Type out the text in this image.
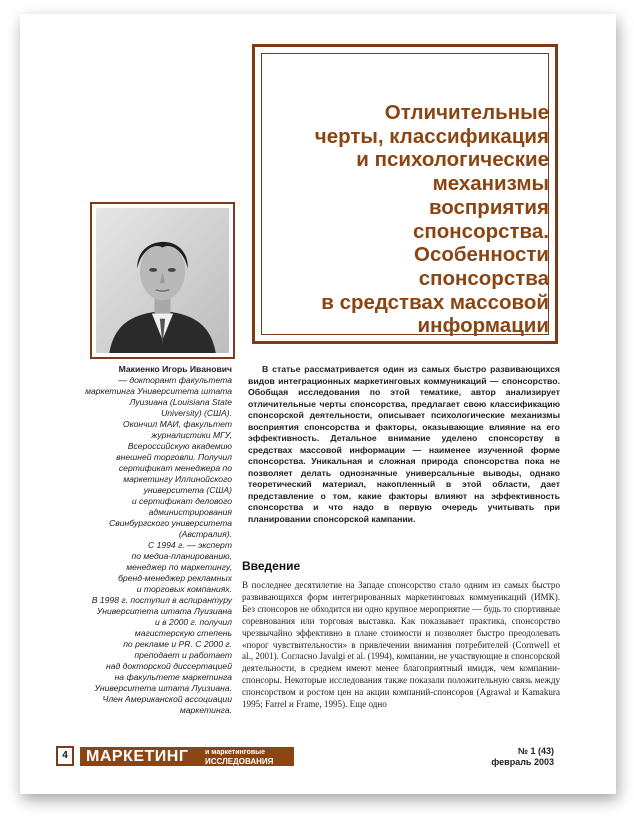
Отличительные
черты, классификация
и психологические
механизмы
восприятия
спонсорства.
Особенности
спонсорства
в средствах массовой
информации
Макиенко Игорь Иванович
— докторант факультета
маркетинга Университета штата
Луизиана (Louisiana State
University) (США).
Окончил МАИ, факультет
журналистики МГУ,
Всероссийскую академию
внешней торговли. Получил
сертификат менеджера по
маркетингу Иллинойского
университета (США)
и сертификат делового
администрирования
Свинбургского университета
(Австралия).
С 1994 г. — эксперт
по медиа-планированию,
менеджер по маркетингу,
бренд-менеджер рекламных
и торговых компаниях.
В 1998 г. поступил в аспирантуру
Университета штата Луизиана
и в 2000 г. получил
магистерскую степень
по рекламе и PR. С 2000 г.
преподает и работает
над докторской диссертацией
на факультете маркетинга
Университета штата Луизиана.
Член Американской ассоциации
маркетинга.

В статье рассматривается один из самых быстро развивающихся видов интеграционных маркетинговых коммуникаций — спонсорство. Обобщая исследования по этой тематике, автор анализирует отличительные черты спонсорства, предлагает свою классификацию спонсорской деятельности, описывает психологические механизмы восприятия спонсорства и факторы, оказывающие влияние на его эффективность. Детальное внимание уделено спонсорству в средствах массовой информации — наименее изученной форме спонсорства. Уникальная и сложная природа спонсорства пока не позволяет делать однозначные универсальные выводы, однако теоретический материал, накопленный в этой области, дает представление о том, какие факторы влияют на эффективность спонсорства и что надо в первую очередь учитывать при планировании спонсорской кампании.

Введение

В последнее десятилетие на Западе спонсорство стало одним из самых быстро развивающихся форм интегрированных маркетинговых коммуникаций (ИМК). Без спонсоров не обходится ни одно крупное мероприятие — будь то спортивные соревнования или торговая выставка. Как показывает практика, спонсорство чрезвычайно эффективно в плане стоимости и позволяет быстро преодолевать «порог чувствительности» в привлечении внимания потребителей (Cornwell et al., 2001). Согласно Javalgi et al. (1994), компании, не участвующие в спонсорской деятельности, в среднем имеют менее благоприятный имидж, чем компании-спонсоры. Некоторые исследования также показали положительную связь между спонсорством и ростом цен на акции компаний-спонсоров (Agrawal и Kamakura 1995; Farrel и Frame, 1995). Еще одно

4	МАРКЕТИНГ и маркетинговые
ИССЛЕДОВАНИЯ
№ 1 (43)
февраль 2003
